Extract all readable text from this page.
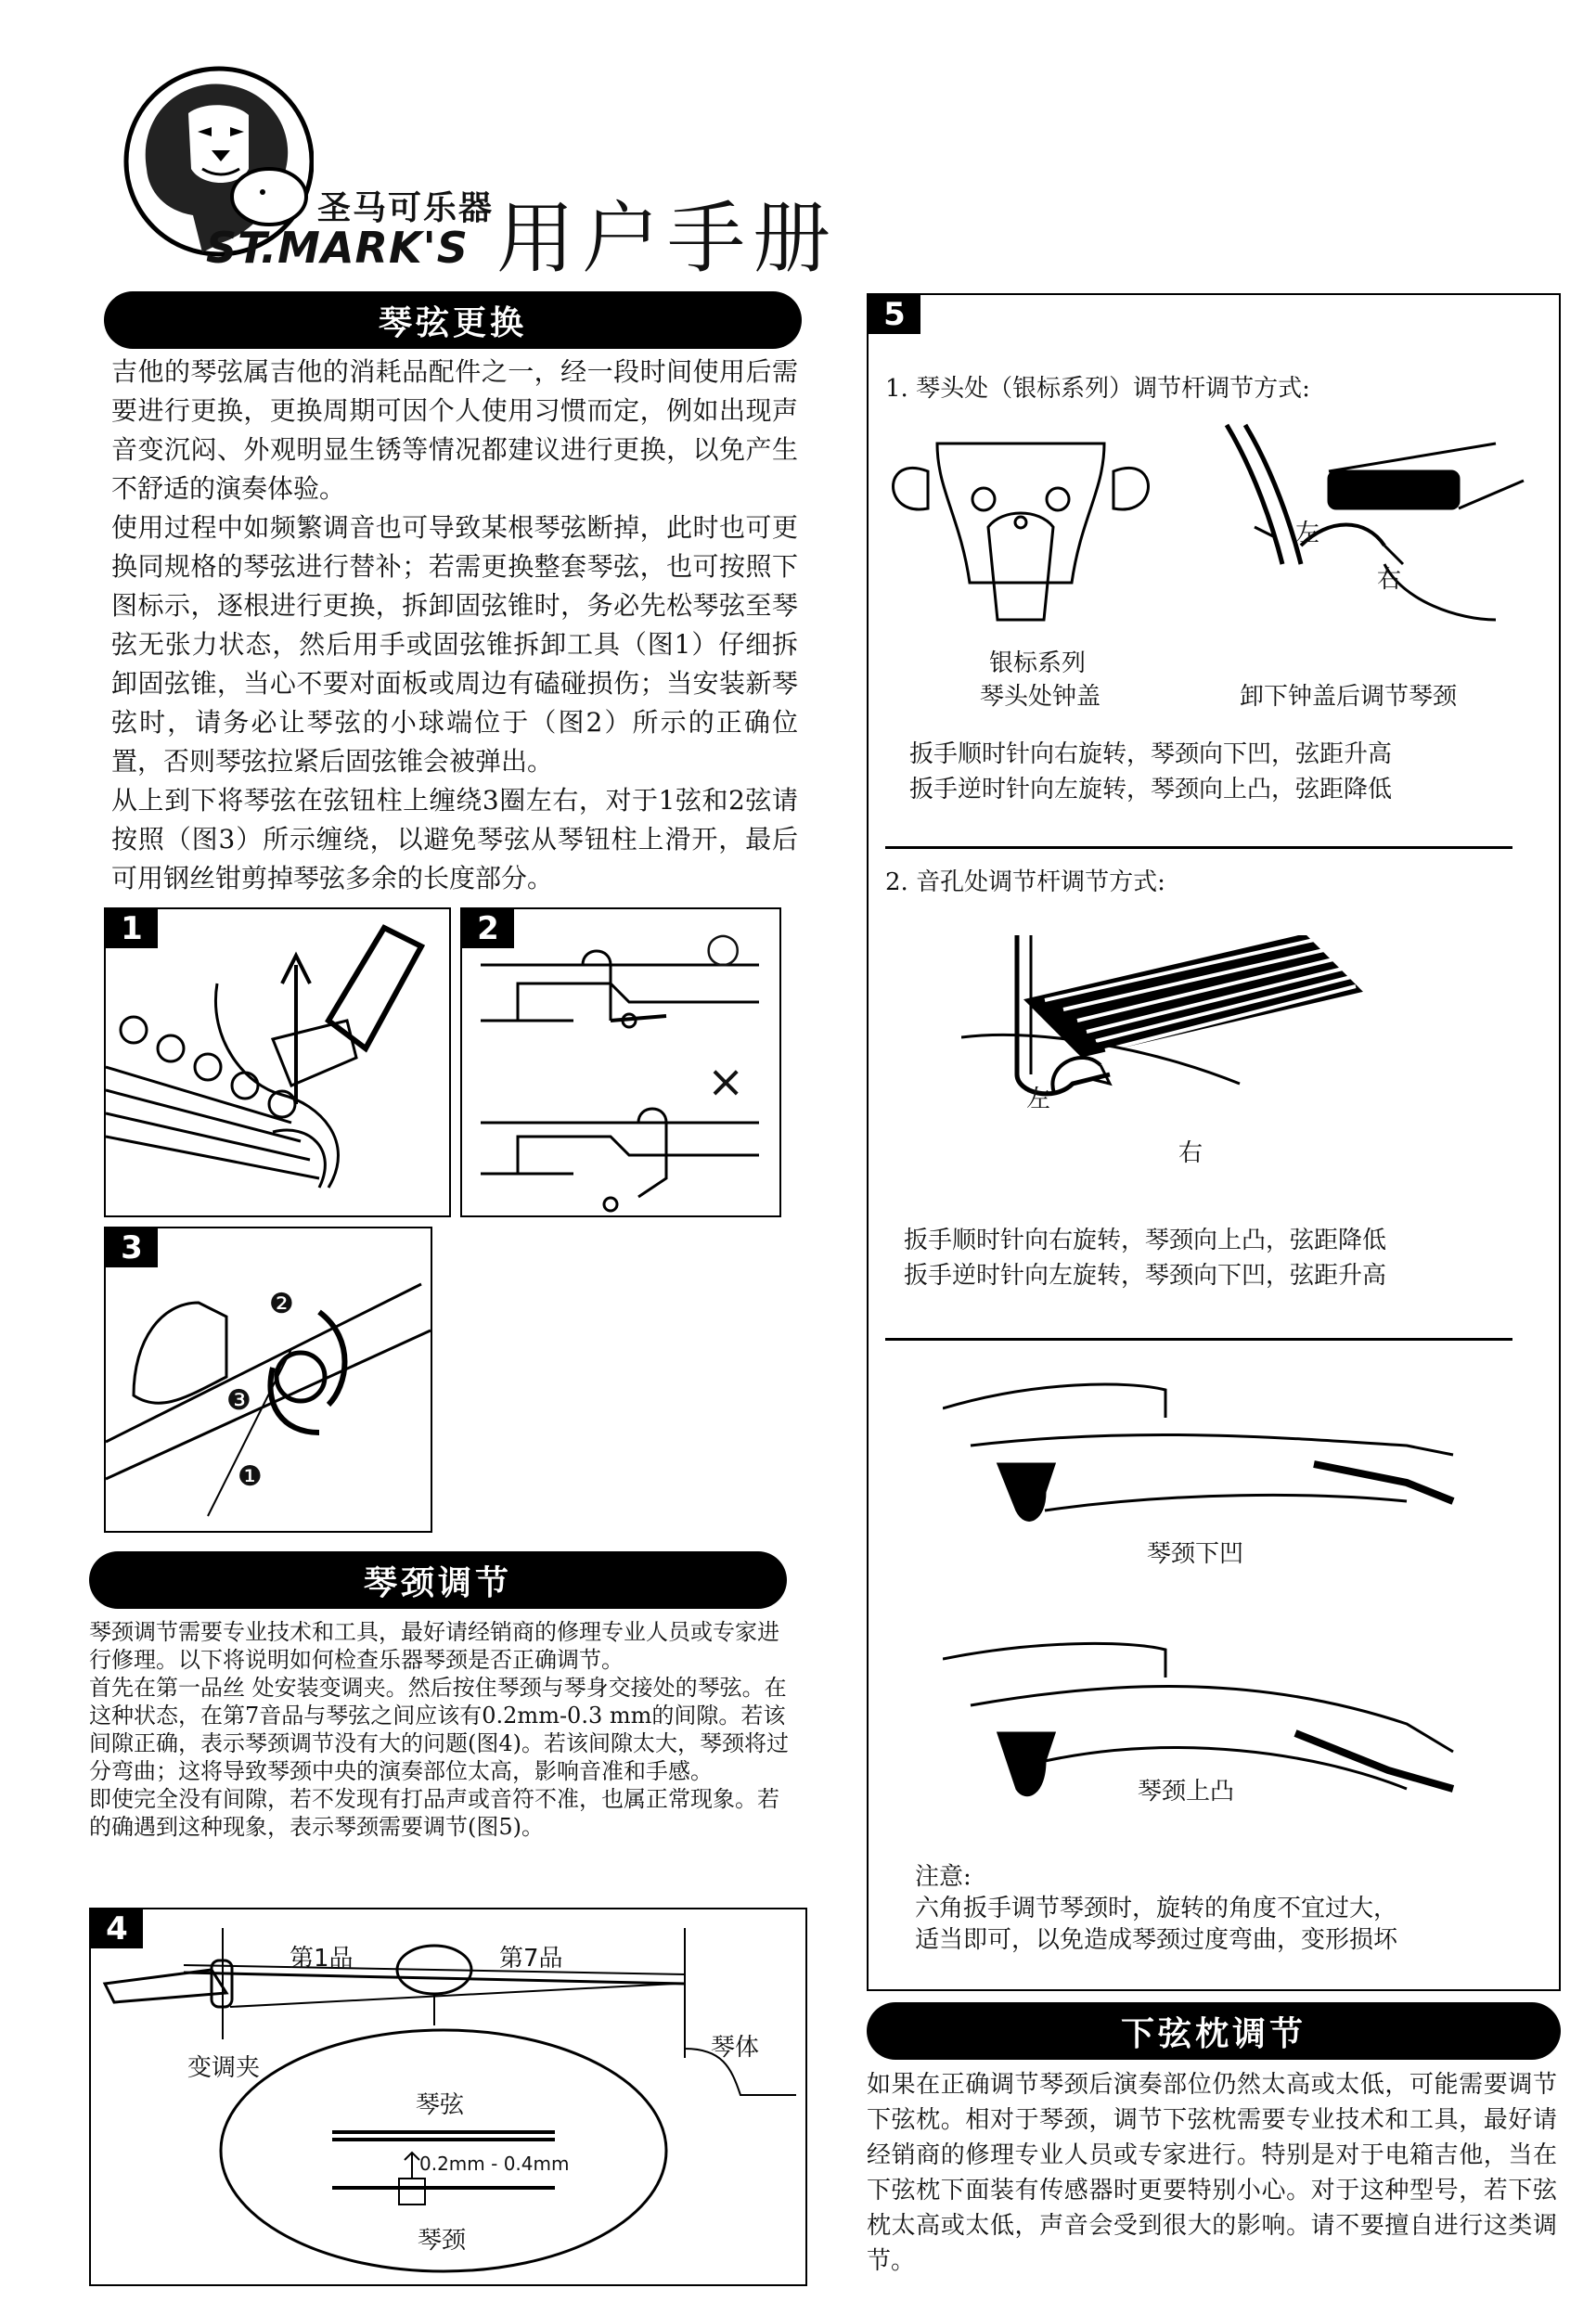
圣马可乐器
ST.MARK'S 用户手册
琴弦更换

吉他的琴弦属吉他的消耗品配件之一，经一段时间使用后需要进行更换，更换周期可因个人使用习惯而定，例如出现声音变沉闷、外观明显生锈等情况都建议进行更换，以免产生不舒适的演奏体验。

使用过程中如频繁调音也可导致某根琴弦断掉，此时也可更换同规格的琴弦进行替补；若需更换整套琴弦，也可按照下图标示，逐根进行更换，拆卸固弦锥时，务必先松琴弦至琴弦无张力状态，然后用手或固弦锥拆卸工具（图1）仔细拆卸固弦锥，当心不要对面板或周边有磕碰损伤；当安装新琴弦时，请务必让琴弦的小球端位于（图2）所示的正确位置，否则琴弦拉紧后固弦锥会被弹出。

从上到下将琴弦在弦钮柱上缠绕3圈左右，对于1弦和2弦请按照（图3）所示缠绕，以避免琴弦从琴钮柱上滑开，最后可用钢丝钳剪掉琴弦多余的长度部分。

1	2	○
×
3
❷
❸
❶
琴颈调节

琴颈调节需要专业技术和工具，最好请经销商的修理专业人员或专家进行修理。以下将说明如何检查乐器琴颈是否正确调节。

首先在第一品丝 处安装变调夹。然后按住琴颈与琴身交接处的琴弦。在这种状态，在第7音品与琴弦之间应该有0.2mm-0.3 mm的间隙。若该间隙正确，表示琴颈调节没有大的问题(图4)。若该间隙太大，琴颈将过分弯曲；这将导致琴颈中央的演奏部位太高，影响音准和手感。

即使完全没有间隙，若不发现有打品声或音符不准，也属正常现象。若的确遇到这种现象，表示琴颈需要调节(图5)。

4
第1品	第7品
变调夹
琴体
琴弦
0.2mm - 0.4mm
琴颈
5
1. 琴头处（银标系列）调节杆调节方式:
左
右
银标系列
琴头处钟盖	卸下钟盖后调节琴颈
扳手顺时针向右旋转，琴颈向下凹，弦距升高
扳手逆时针向左旋转，琴颈向上凸，弦距降低
2. 音孔处调节杆调节方式:
左
右
扳手顺时针向右旋转，琴颈向上凸，弦距降低
扳手逆时针向左旋转，琴颈向下凹，弦距升高
琴颈下凹
琴颈上凸
注意:
六角扳手调节琴颈时，旋转的角度不宜过大，
适当即可，以免造成琴颈过度弯曲，变形损坏
下弦枕调节
如果在正确调节琴颈后演奏部位仍然太高或太低，可能需要调节下弦枕。相对于琴颈，调节下弦枕需要专业技术和工具，最好请经销商的修理专业人员或专家进行。特别是对于电箱吉他，当在下弦枕下面装有传感器时更要特别小心。对于这种型号，若下弦枕太高或太低，声音会受到很大的影响。请不要擅自进行这类调节。
